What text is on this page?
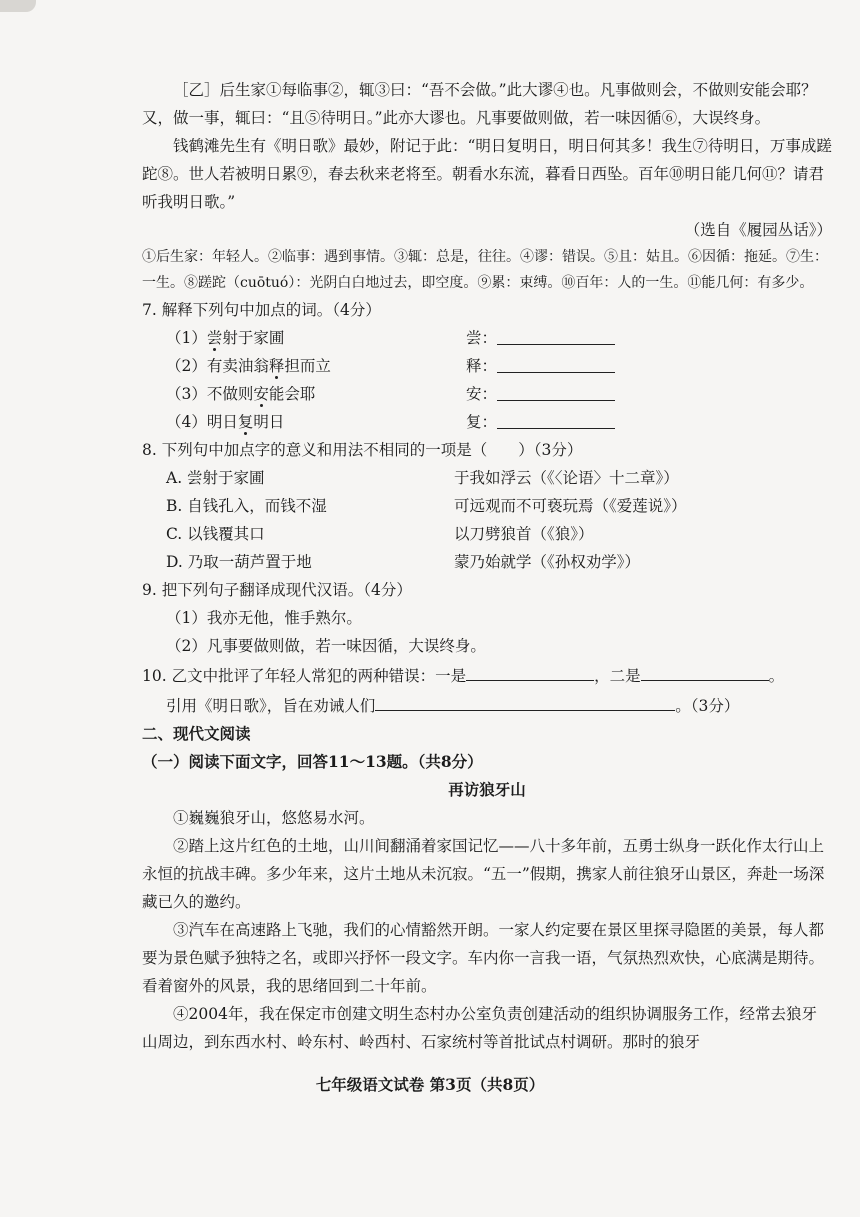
［乙］后生家①每临事②，辄③曰：“吾不会做。”此大谬④也。凡事做则会，不做则安能会耶？又，做一事，辄曰：“且⑤待明日。”此亦大谬也。凡事要做则做，若一味因循⑥，大误终身。

钱鹤滩先生有《明日歌》最妙，附记于此：“明日复明日，明日何其多！我生⑦待明日，万事成蹉跎⑧。世人若被明日累⑨，春去秋来老将至。朝看水东流，暮看日西坠。百年⑩明日能几何⑪？请君听我明日歌。”

（选自《履园丛话》）

①后生家：年轻人。②临事：遇到事情。③辄：总是，往往。④谬：错误。⑤且：姑且。⑥因循：拖延。⑦生：一生。⑧蹉跎（cuōtuó）：光阴白白地过去，即空度。⑨累：束缚。⑩百年：人的一生。⑪能几何：有多少。

7. 解释下列句中加点的词。（4分）

（1）尝射于家圃	尝：
（2）有卖油翁释担而立	释：
（3）不做则安能会耶	安：
（4）明日复明日	复：

8. 下列句中加点字的意义和用法不相同的一项是（　　）（3分）

A. 尝射于家圃	于我如浮云（《〈论语〉十二章》）
B. 自钱孔入，而钱不湿	可远观而不可亵玩焉（《爱莲说》）
C. 以钱覆其口	以刀劈狼首（《狼》）
D. 乃取一葫芦置于地	蒙乃始就学（《孙权劝学》）

9. 把下列句子翻译成现代汉语。（4分）

（1）我亦无他，惟手熟尔。

（2）凡事要做则做，若一味因循，大误终身。

10. 乙文中批评了年轻人常犯的两种错误：一是	，二是	。

引用《明日歌》，旨在劝诫人们	。（3分）

二、现代文阅读

（一）阅读下面文字，回答11～13题。（共8分）

再访狼牙山

①巍巍狼牙山，悠悠易水河。

②踏上这片红色的土地，山川间翻涌着家国记忆——八十多年前，五勇士纵身一跃化作太行山上永恒的抗战丰碑。多少年来，这片土地从未沉寂。“五一”假期，携家人前往狼牙山景区，奔赴一场深藏已久的邀约。

③汽车在高速路上飞驰，我们的心情豁然开朗。一家人约定要在景区里探寻隐匿的美景，每人都要为景色赋予独特之名，或即兴抒怀一段文字。车内你一言我一语，气氛热烈欢快，心底满是期待。看着窗外的风景，我的思绪回到二十年前。

④2004年，我在保定市创建文明生态村办公室负责创建活动的组织协调服务工作，经常去狼牙山周边，到东西水村、岭东村、岭西村、石家统村等首批试点村调研。那时的狼牙

七年级语文试卷 第3页（共8页）
